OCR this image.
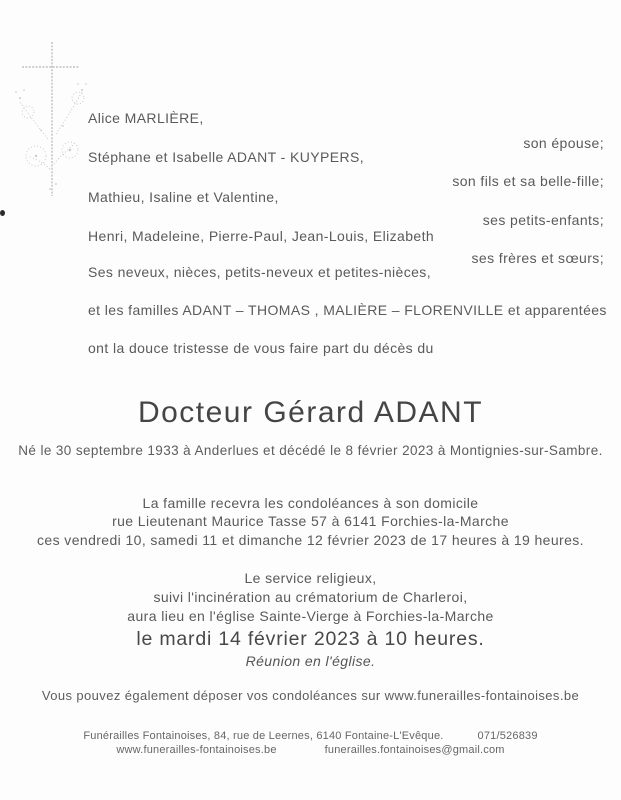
Alice MARLIÈRE,
son épouse;
Stéphane et Isabelle ADANT - KUYPERS,
son fils et sa belle-fille;
Mathieu, Isaline et Valentine,
ses petits-enfants;
Henri, Madeleine, Pierre-Paul, Jean-Louis, Elizabeth
ses frères et sœurs;
Ses neveux, nièces, petits-neveux et petites-nièces,
et les familles ADANT – THOMAS , MALIÈRE – FLORENVILLE et apparentées
ont la douce tristesse de vous faire part du décès du
Docteur Gérard ADANT
Né le 30 septembre 1933 à Anderlues et décédé le 8 février 2023 à Montignies-sur-Sambre.
La famille recevra les condoléances à son domicile
rue Lieutenant Maurice Tasse 57 à 6141 Forchies-la-Marche
ces vendredi 10, samedi 11 et dimanche 12 février 2023 de 17 heures à 19 heures.
Le service religieux,
suivi l'incinération au crématorium de Charleroi,
aura lieu en l'église Sainte-Vierge à Forchies-la-Marche
le mardi 14 février 2023 à 10 heures.
Réunion en l'église.
Vous pouvez également déposer vos condoléances sur www.funerailles-fontainoises.be
Funérailles Fontainoises, 84, rue de Leernes, 6140 Fontaine-L'Evêque.	071/526839
www.funerailles-fontainoises.be	funerailles.fontainoises@gmail.com
